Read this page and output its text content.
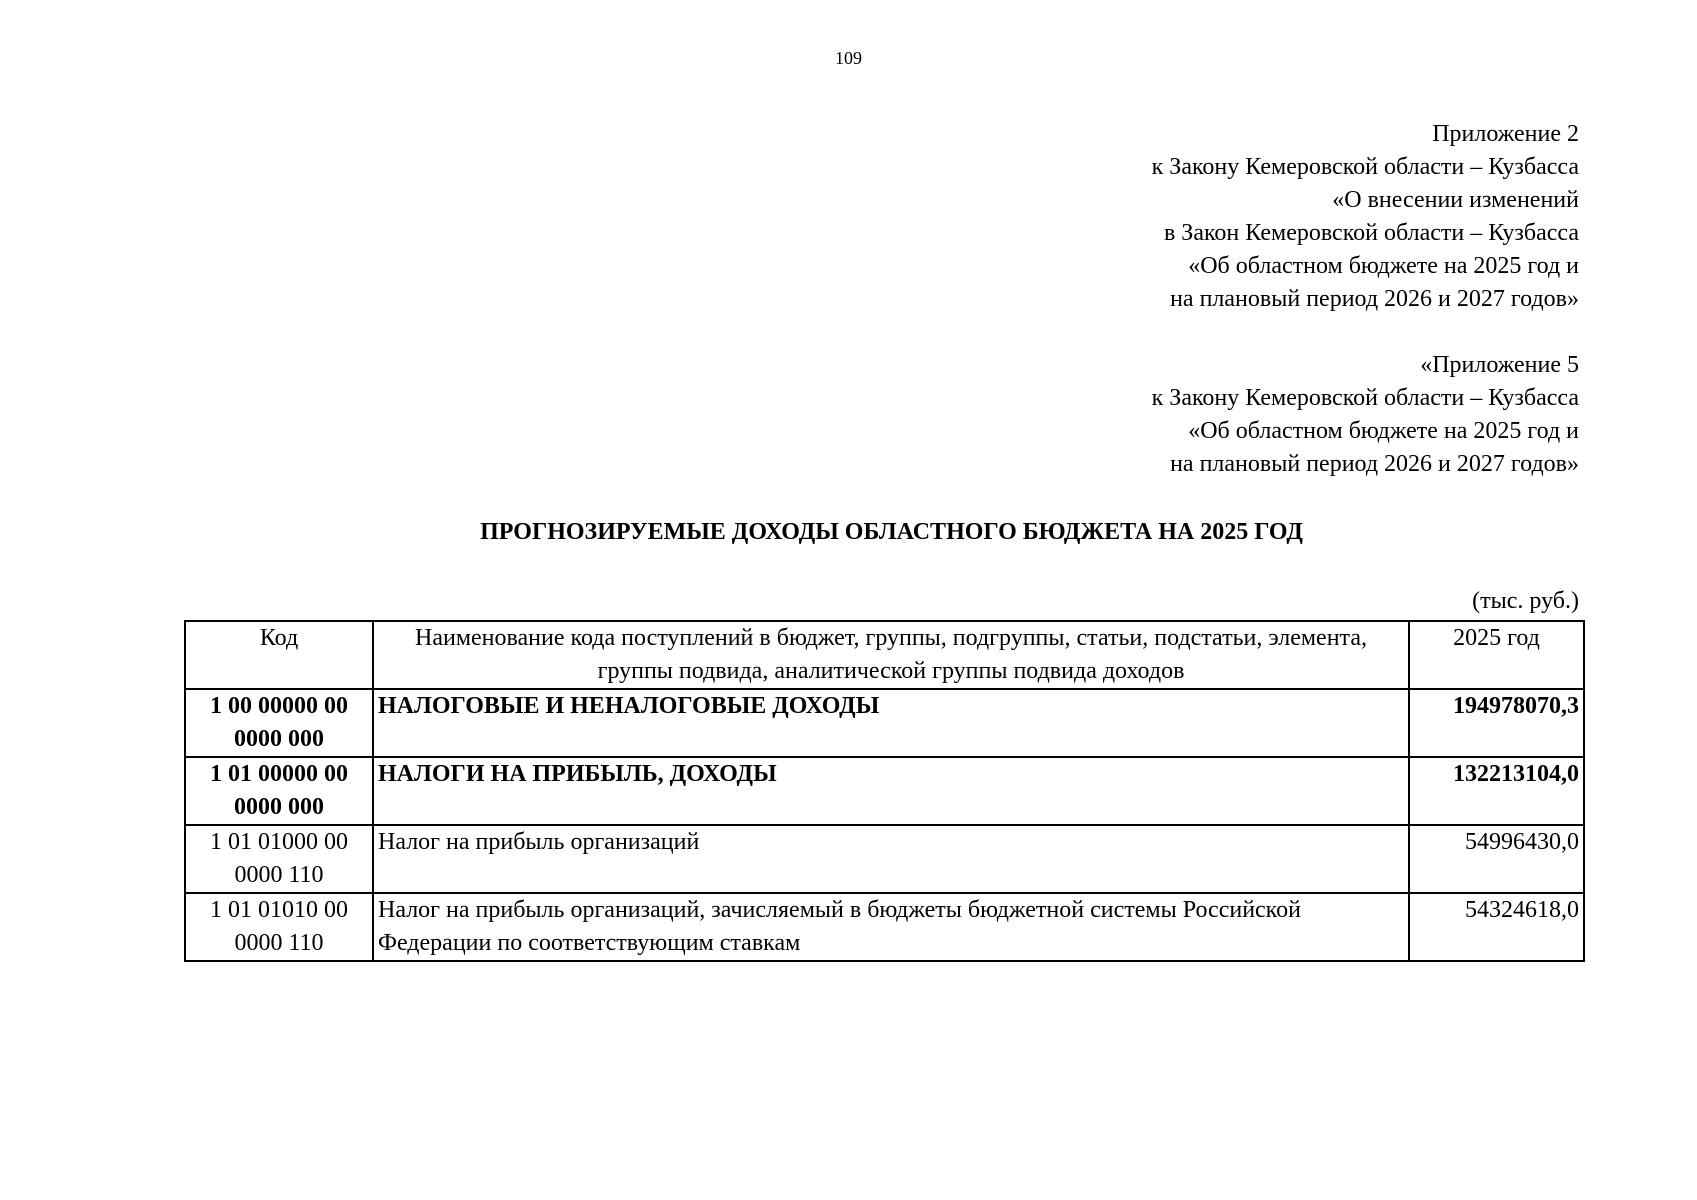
109
Приложение 2
к Закону Кемеровской области – Кузбасса
«О внесении изменений
в Закон Кемеровской области – Кузбасса
«Об областном бюджете на 2025 год и
на плановый период 2026 и 2027 годов»
«Приложение 5
к Закону Кемеровской области – Кузбасса
«Об областном бюджете на 2025 год и
на плановый период 2026 и 2027 годов»
ПРОГНОЗИРУЕМЫЕ ДОХОДЫ ОБЛАСТНОГО БЮДЖЕТА НА 2025 ГОД
(тыс. руб.)
Код	Наименование кода поступлений в бюджет, группы, подгруппы, статьи, подстатьи, элемента, группы подвида, аналитической группы подвида доходов	2025 год
1 00 00000 00 0000 000	НАЛОГОВЫЕ И НЕНАЛОГОВЫЕ ДОХОДЫ	194978070,3
1 01 00000 00 0000 000	НАЛОГИ НА ПРИБЫЛЬ, ДОХОДЫ	132213104,0
1 01 01000 00 0000 110	Налог на прибыль организаций	54996430,0
1 01 01010 00 0000 110	Налог на прибыль организаций, зачисляемый в бюджеты бюджетной системы Российской Федерации по соответствующим ставкам	54324618,0
